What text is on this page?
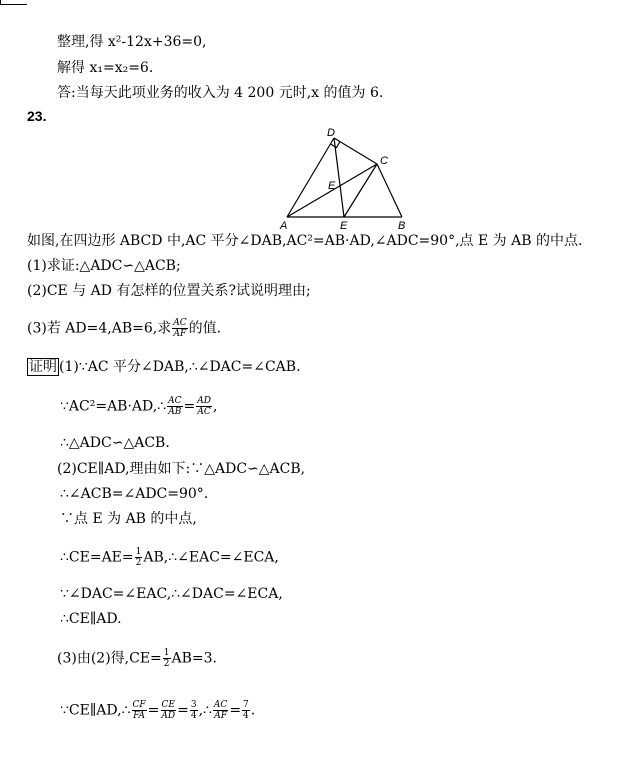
整理,得 x²-12x+36=0,
解得 x₁=x₂=6.
答:当每天此项业务的收入为 4 200 元时,x 的值为 6.
23.
D
C
E
A	E	B
如图,在四边形 ABCD 中,AC 平分∠DAB,AC²=AB·AD,∠ADC=90°,点 E 为 AB 的中点.
(1)求证:△ADC∽△ACB;
(2)CE 与 AD 有怎样的位置关系?试说明理由;
(3)若 AD=4,AB=6,求 $\frac{AC}{AF}$ 的值.
证明 (1)∵AC 平分∠DAB,∴∠DAC=∠CAB.
∵AC²=AB·AD,∴ $\frac{AC}{AB} = \frac{AD}{AC}$ ,
∴△ADC∽△ACB.
(2)CE∥AD,理由如下:∵△ADC∽△ACB,
∴∠ACB=∠ADC=90°.
∵点 E 为 AB 的中点,
∴CE=AE= $\frac{1}{2}$ AB,∴∠EAC=∠ECA,
∵∠DAC=∠EAC,∴∠DAC=∠ECA,
∴CE∥AD.
(3)由(2)得$,CE= \frac{1}{2} AB=3$.
∵CE∥AD,∴ $\frac{CF}{FA} = \frac{CE}{AD} = \frac{3}{4}$ ,∴ $\frac{AC}{AF} = \frac{7}{4}$ .
